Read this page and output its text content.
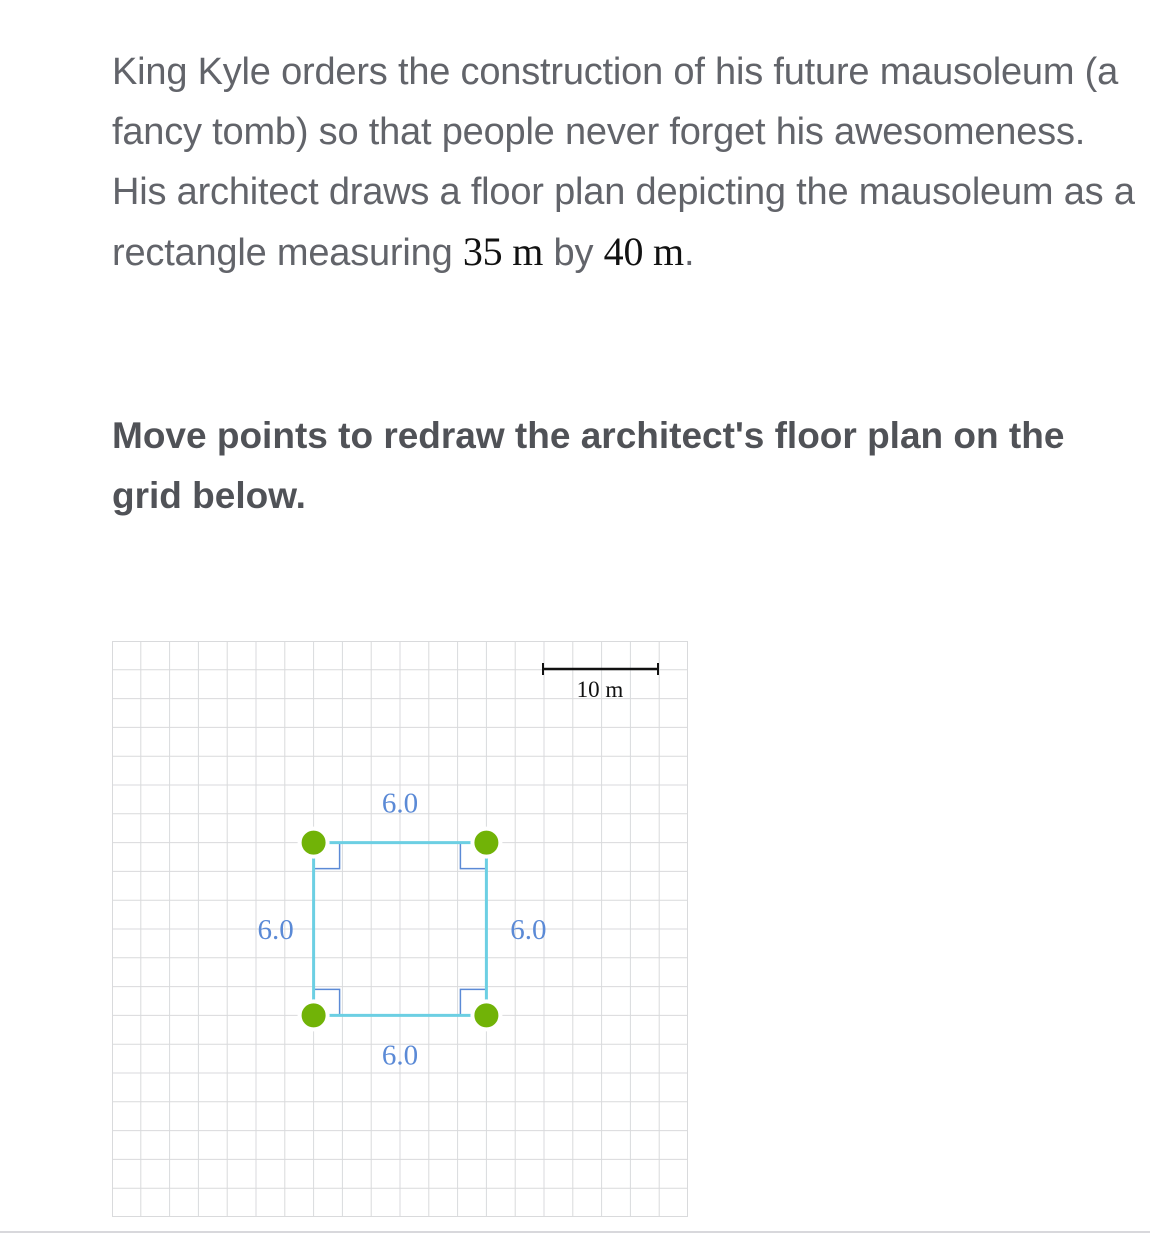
King Kyle orders the construction of his future mausoleum (a fancy tomb) so that people never forget his awesomeness. His architect draws a floor plan depicting the mausoleum as a rectangle measuring 35 m by 40 m.

Move points to redraw the architect's floor plan on the grid below.

10 m
6.0
6.0
6.0
6.0
